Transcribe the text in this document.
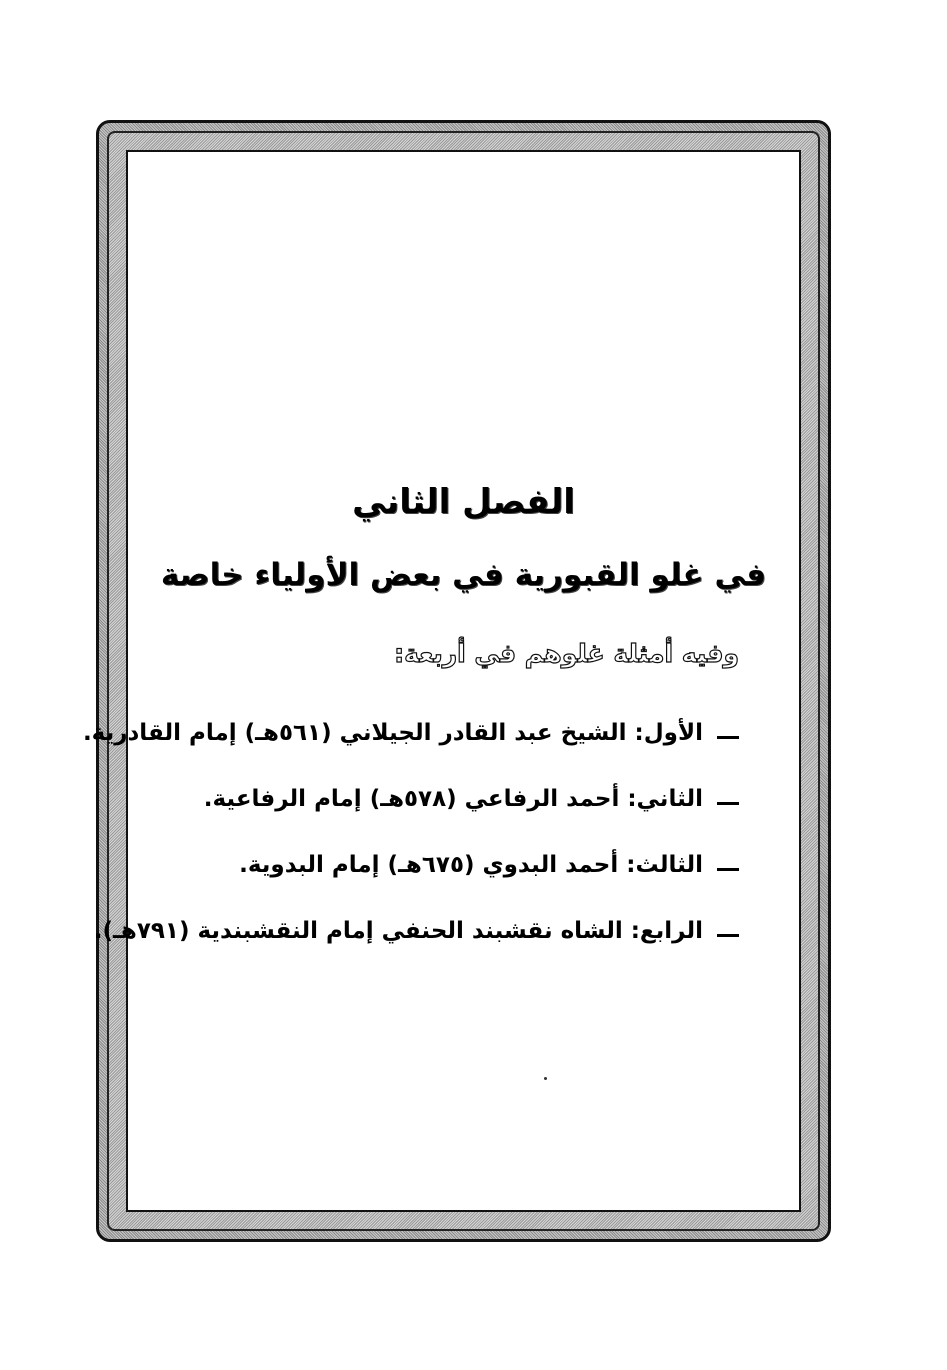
الفصل الثاني
في غلو القبورية في بعض الأولياء خاصة
وفيه أمثلة غلوهم في أربعة:
الأول: الشيخ عبد القادر الجيلاني (٥٦١هـ) إمام القادرية.
الثاني: أحمد الرفاعي (٥٧٨هـ) إمام الرفاعية.
الثالث: أحمد البدوي (٦٧٥هـ) إمام البدوية.
الرابع: الشاه نقشبند الحنفي إمام النقشبندية (٧٩١هـ).
